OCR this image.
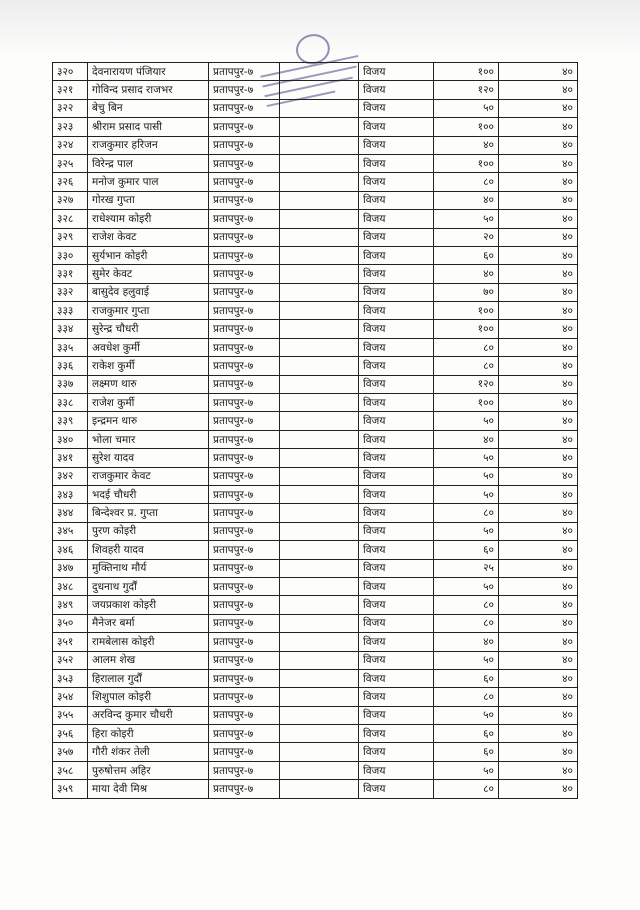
३२०	देवनारायण पंजियार	प्रतापपुर-७		विजय	१००	४०
३२१	गोविन्द प्रसाद राजभर	प्रतापपुर-७		विजय	१२०	४०
३२२	बेचु बिन	प्रतापपुर-७		विजय	५०	४०
३२३	श्रीराम प्रसाद पासी	प्रतापपुर-७		विजय	१००	४०
३२४	राजकुमार हरिजन	प्रतापपुर-७		विजय	४०	४०
३२५	विरेन्द्र पाल	प्रतापपुर-७		विजय	१००	४०
३२६	मनोज कुमार पाल	प्रतापपुर-७		विजय	८०	४०
३२७	गोरख गुप्ता	प्रतापपुर-७		विजय	४०	४०
३२८	राधेश्याम कोइरी	प्रतापपुर-७		विजय	५०	४०
३२९	राजेश केवट	प्रतापपुर-७		विजय	२०	४०
३३०	सुर्यभान कोइरी	प्रतापपुर-७		विजय	६०	४०
३३१	सुमेर केवट	प्रतापपुर-७		विजय	४०	४०
३३२	बासुदेव हलुवाई	प्रतापपुर-७		विजय	७०	४०
३३३	राजकुमार गुप्ता	प्रतापपुर-७		विजय	१००	४०
३३४	सुरेन्द्र चौधरी	प्रतापपुर-७		विजय	१००	४०
३३५	अवधेश कुर्मी	प्रतापपुर-७		विजय	८०	४०
३३६	राकेश कुर्मी	प्रतापपुर-७		विजय	८०	४०
३३७	लक्ष्मण थारु	प्रतापपुर-७		विजय	१२०	४०
३३८	राजेश कुर्मी	प्रतापपुर-७		विजय	१००	४०
३३९	इन्द्रमन थारु	प्रतापपुर-७		विजय	५०	४०
३४०	भोला चमार	प्रतापपुर-७		विजय	४०	४०
३४१	सुरेश यादव	प्रतापपुर-७		विजय	५०	४०
३४२	राजकुमार केवट	प्रतापपुर-७		विजय	५०	४०
३४३	भदई चौधरी	प्रतापपुर-७		विजय	५०	४०
३४४	बिन्देश्वर प्र. गुप्ता	प्रतापपुर-७		विजय	८०	४०
३४५	पुरण कोइरी	प्रतापपुर-७		विजय	५०	४०
३४६	शिवहरी यादव	प्रतापपुर-७		विजय	६०	४०
३४७	मुक्तिनाथ मौर्य	प्रतापपुर-७		विजय	२५	४०
३४८	दुधनाथ गुर्दौं	प्रतापपुर-७		विजय	५०	४०
३४९	जयप्रकाश कोइरी	प्रतापपुर-७		विजय	८०	४०
३५०	मैनेजर बर्मा	प्रतापपुर-७		विजय	८०	४०
३५१	रामबेलास कोइरी	प्रतापपुर-७		विजय	४०	४०
३५२	आलम शेख	प्रतापपुर-७		विजय	५०	४०
३५३	हिरालाल गुर्दौं	प्रतापपुर-७		विजय	६०	४०
३५४	शिशुपाल कोइरी	प्रतापपुर-७		विजय	८०	४०
३५५	अरविन्द कुमार चौधरी	प्रतापपुर-७		विजय	५०	४०
३५६	हिरा कोइरी	प्रतापपुर-७		विजय	६०	४०
३५७	गौरी शंकर तेली	प्रतापपुर-७		विजय	६०	४०
३५८	पुरुषोत्तम अहिर	प्रतापपुर-७		विजय	५०	४०
३५९	माया देवी मिश्र	प्रतापपुर-७		विजय	८०	४०
